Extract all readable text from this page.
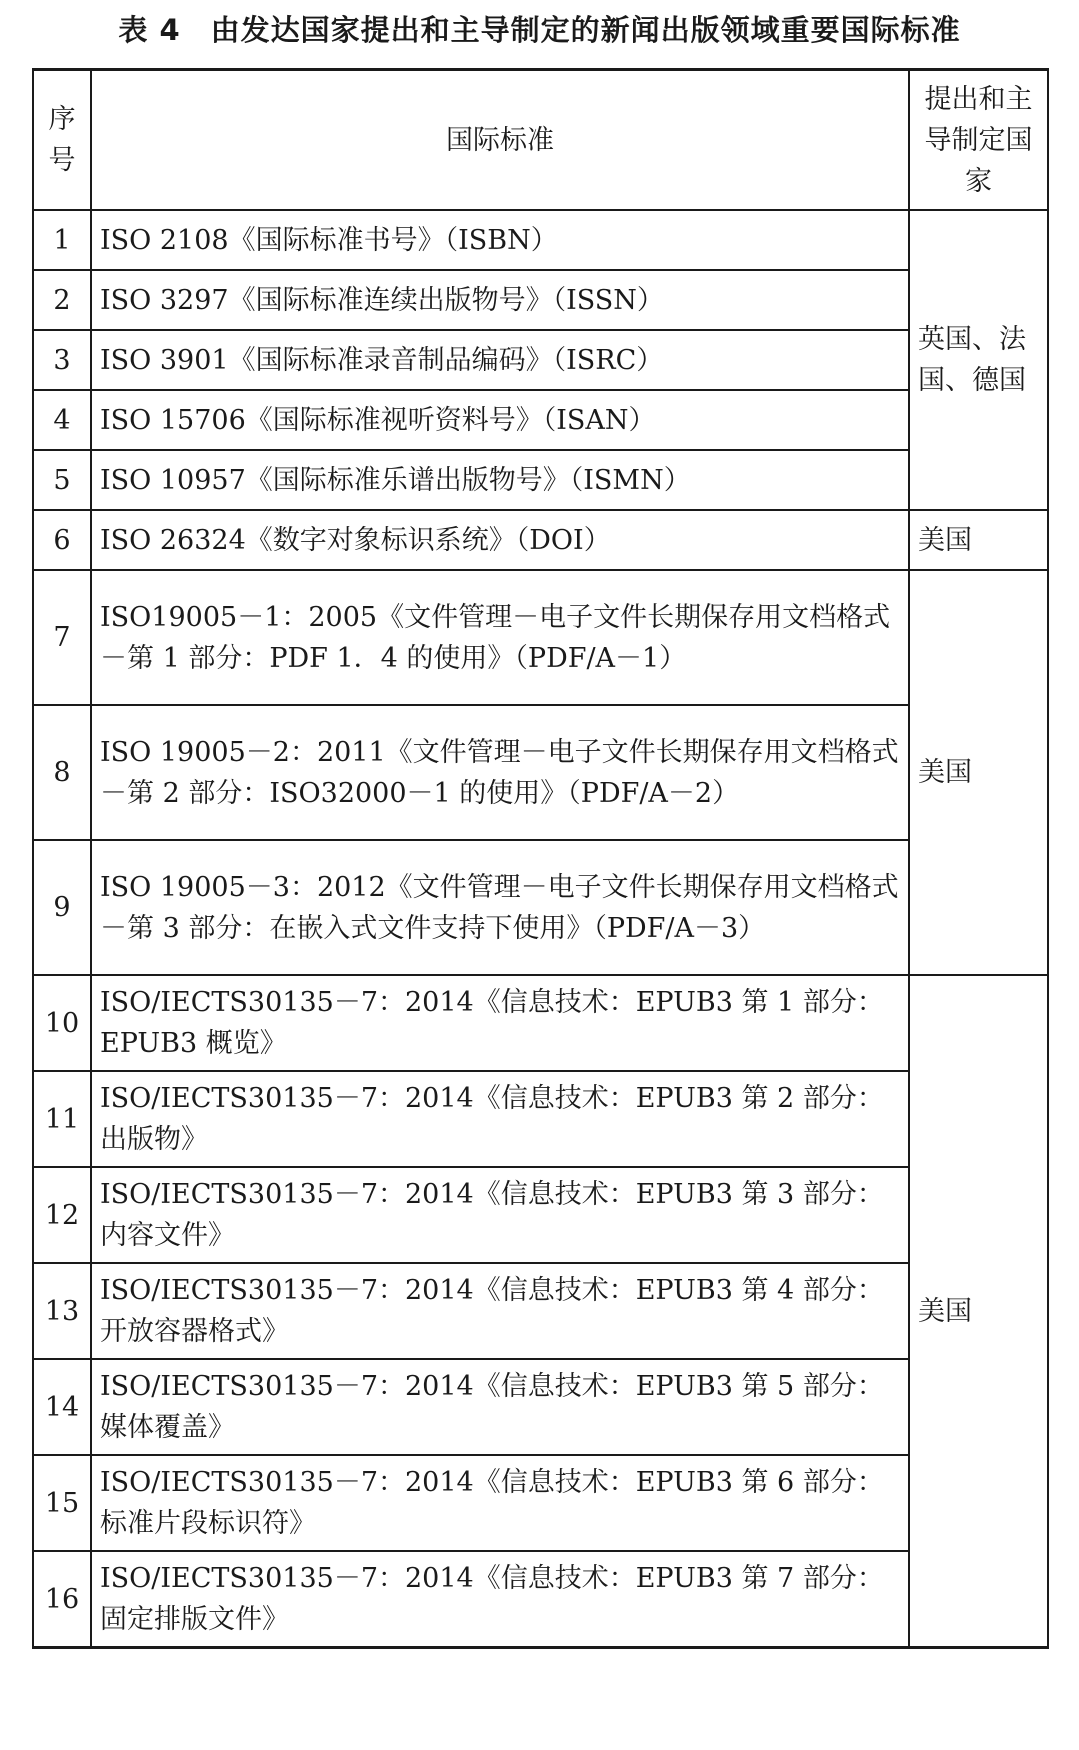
表 4　由发达国家提出和主导制定的新闻出版领域重要国际标准
序号	国际标准	提出和主导制定国家
1	ISO 2108《国际标准书号》（ISBN）	英国、法国、德国
2	ISO 3297《国际标准连续出版物号》（ISSN）	
3	ISO 3901《国际标准录音制品编码》（ISRC）	
4	ISO 15706《国际标准视听资料号》（ISAN）	
5	ISO 10957《国际标准乐谱出版物号》（ISMN）	
6	ISO 26324《数字对象标识系统》（DOI）	美国
7	ISO19005－1：2005《文件管理－电子文件长期保存用文档格式－第 1 部分：PDF 1．4 的使用》（PDF/A－1）	美国
8	ISO 19005－2：2011《文件管理－电子文件长期保存用文档格式－第 2 部分：ISO32000－1 的使用》（PDF/A－2）	
9	ISO 19005－3：2012《文件管理－电子文件长期保存用文档格式－第 3 部分：在嵌入式文件支持下使用》（PDF/A－3）	
10	ISO/IECTS30135－7：2014《信息技术：EPUB3 第 1 部分：EPUB3 概览》	美国
11	ISO/IECTS30135－7：2014《信息技术：EPUB3 第 2 部分：出版物》	
12	ISO/IECTS30135－7：2014《信息技术：EPUB3 第 3 部分：内容文件》	
13	ISO/IECTS30135－7：2014《信息技术：EPUB3 第 4 部分：开放容器格式》	
14	ISO/IECTS30135－7：2014《信息技术：EPUB3 第 5 部分：媒体覆盖》	
15	ISO/IECTS30135－7：2014《信息技术：EPUB3 第 6 部分：标准片段标识符》	
16	ISO/IECTS30135－7：2014《信息技术：EPUB3 第 7 部分：固定排版文件》	
